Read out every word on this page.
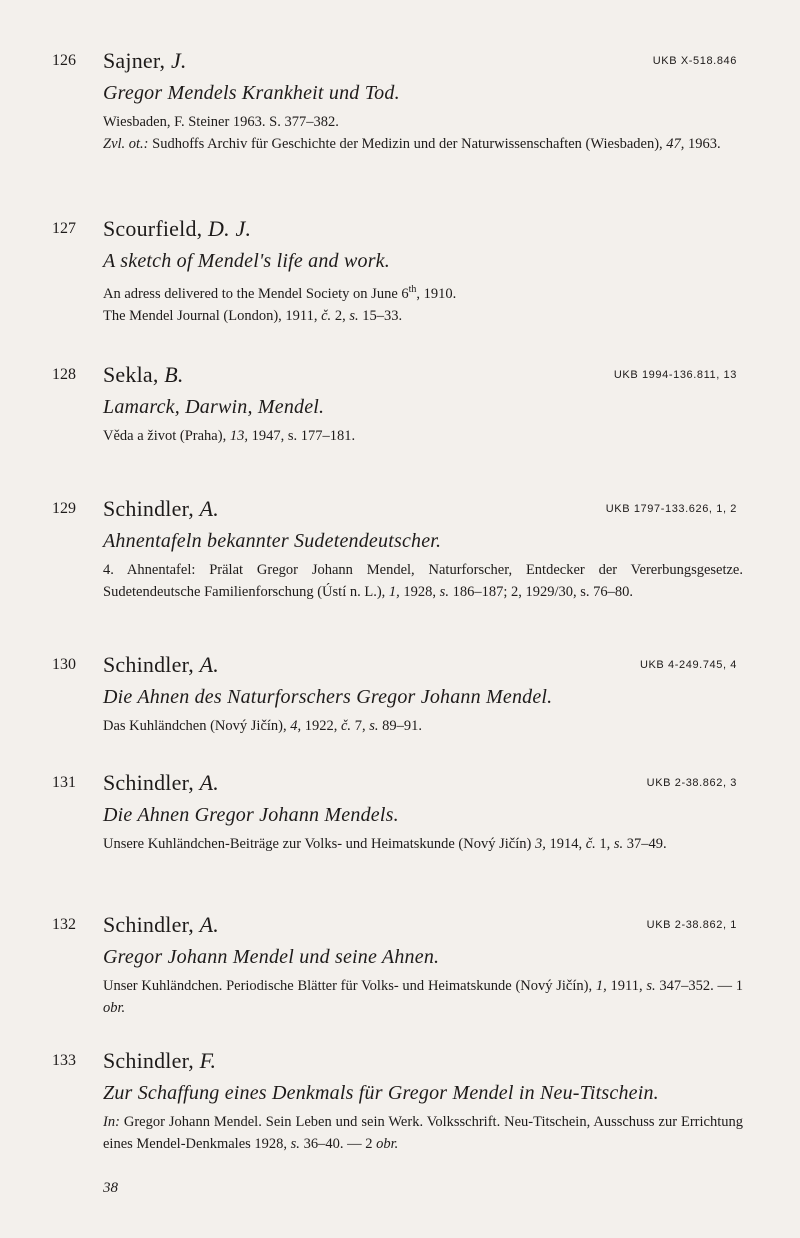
126 Sajner, J.	UKB X-518.846
Gregor Mendels Krankheit und Tod.

Wiesbaden, F. Steiner 1963. S. 377–382.

Zvl. ot.: Sudhoffs Archiv für Geschichte der Medizin und der Naturwissenschaften (Wiesbaden), 47, 1963.

127 Scourfield, D. J.
A sketch of Mendel's life and work.

An adress delivered to the Mendel Society on June 6th, 1910.

The Mendel Journal (London), 1911, č. 2, s. 15–33.

128 Sekla, B.	UKB 1994-136.811, 13
Lamarck, Darwin, Mendel.

Věda a život (Praha), 13, 1947, s. 177–181.

129 Schindler, A.	UKB 1797-133.626, 1, 2
Ahnentafeln bekannter Sudetendeutscher.

4. Ahnentafel: Prälat Gregor Johann Mendel, Naturforscher, Entdecker der Vererbungsgesetze. Sudetendeutsche Familienforschung (Ústí n. L.), 1, 1928, s. 186–187; 2, 1929/30, s. 76–80.

130 Schindler, A.	UKB 4-249.745, 4
Die Ahnen des Naturforschers Gregor Johann Mendel.

Das Kuhländchen (Nový Jičín), 4, 1922, č. 7, s. 89–91.

131 Schindler, A.	UKB 2-38.862, 3
Die Ahnen Gregor Johann Mendels.

Unsere Kuhländchen-Beiträge zur Volks- und Heimatskunde (Nový Jičín) 3, 1914, č. 1, s. 37–49.

132 Schindler, A.	UKB 2-38.862, 1
Gregor Johann Mendel und seine Ahnen.

Unser Kuhländchen. Periodische Blätter für Volks- und Heimatskunde (Nový Jičín), 1, 1911, s. 347–352. — 1 obr.

133 Schindler, F.
Zur Schaffung eines Denkmals für Gregor Mendel in Neu-Titschein.

In: Gregor Johann Mendel. Sein Leben und sein Werk. Volksschrift. Neu-Titschein, Ausschuss zur Errichtung eines Mendel-Denkmales 1928, s. 36–40. — 2 obr.

38
